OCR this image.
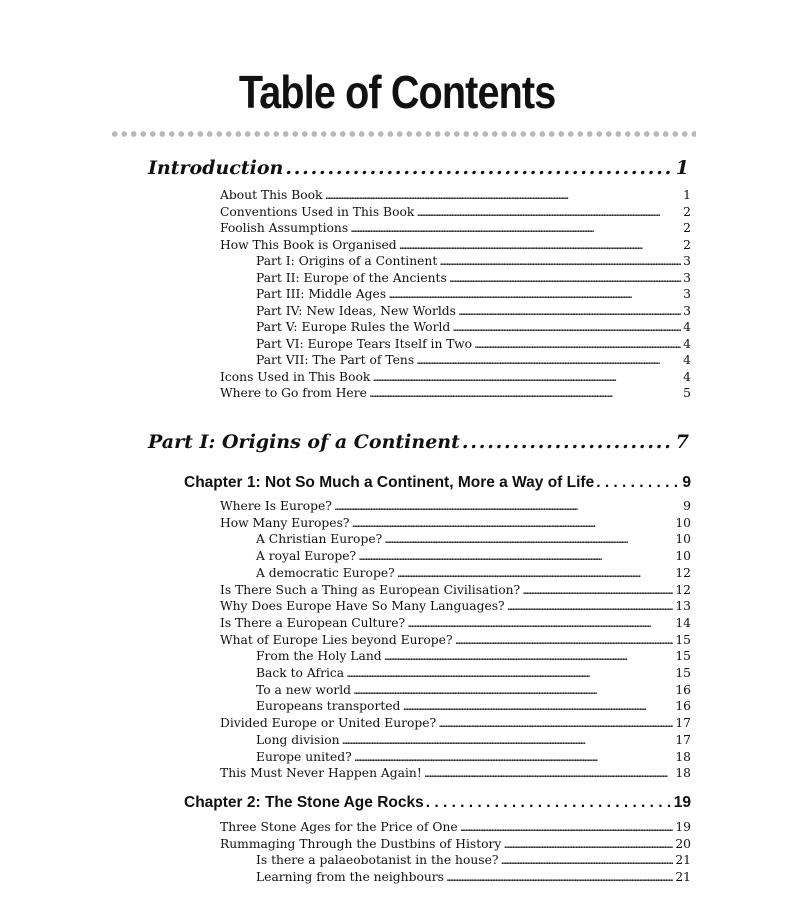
Table of Contents
Introduction . . .	1
About This Book . . .	1
Conventions Used in This Book . . .	2
Foolish Assumptions . . .	2
How This Book is Organised . . .	2
Part I: Origins of a Continent . . .	3
Part II: Europe of the Ancients . . .	3
Part III: Middle Ages . . .	3
Part IV: New Ideas, New Worlds . . .	3
Part V: Europe Rules the World . . .	4
Part VI: Europe Tears Itself in Two . . .	4
Part VII: The Part of Tens . . .	4
Icons Used in This Book . . .	4
Where to Go from Here . . .	5
Part I: Origins of a Continent . . .	7
Chapter 1: Not So Much a Continent, More a Way of Life . . .	9
Where Is Europe? . . .	9
How Many Europes? . . .	10
A Christian Europe? . . .	10
A royal Europe? . . .	10
A democratic Europe? . . .	12
Is There Such a Thing as European Civilisation? . . .	12
Why Does Europe Have So Many Languages? . . .	13
Is There a European Culture? . . .	14
What of Europe Lies beyond Europe? . . .	15
From the Holy Land . . .	15
Back to Africa . . .	15
To a new world . . .	16
Europeans transported . . .	16
Divided Europe or United Europe? . . .	17
Long division . . .	17
Europe united? . . .	18
This Must Never Happen Again! . . .	18
Chapter 2: The Stone Age Rocks . . .	19
Three Stone Ages for the Price of One . . .	19
Rummaging Through the Dustbins of History . . .	20
Is there a palaeobotanist in the house? . . .	21
Learning from the neighbours . . .	21
